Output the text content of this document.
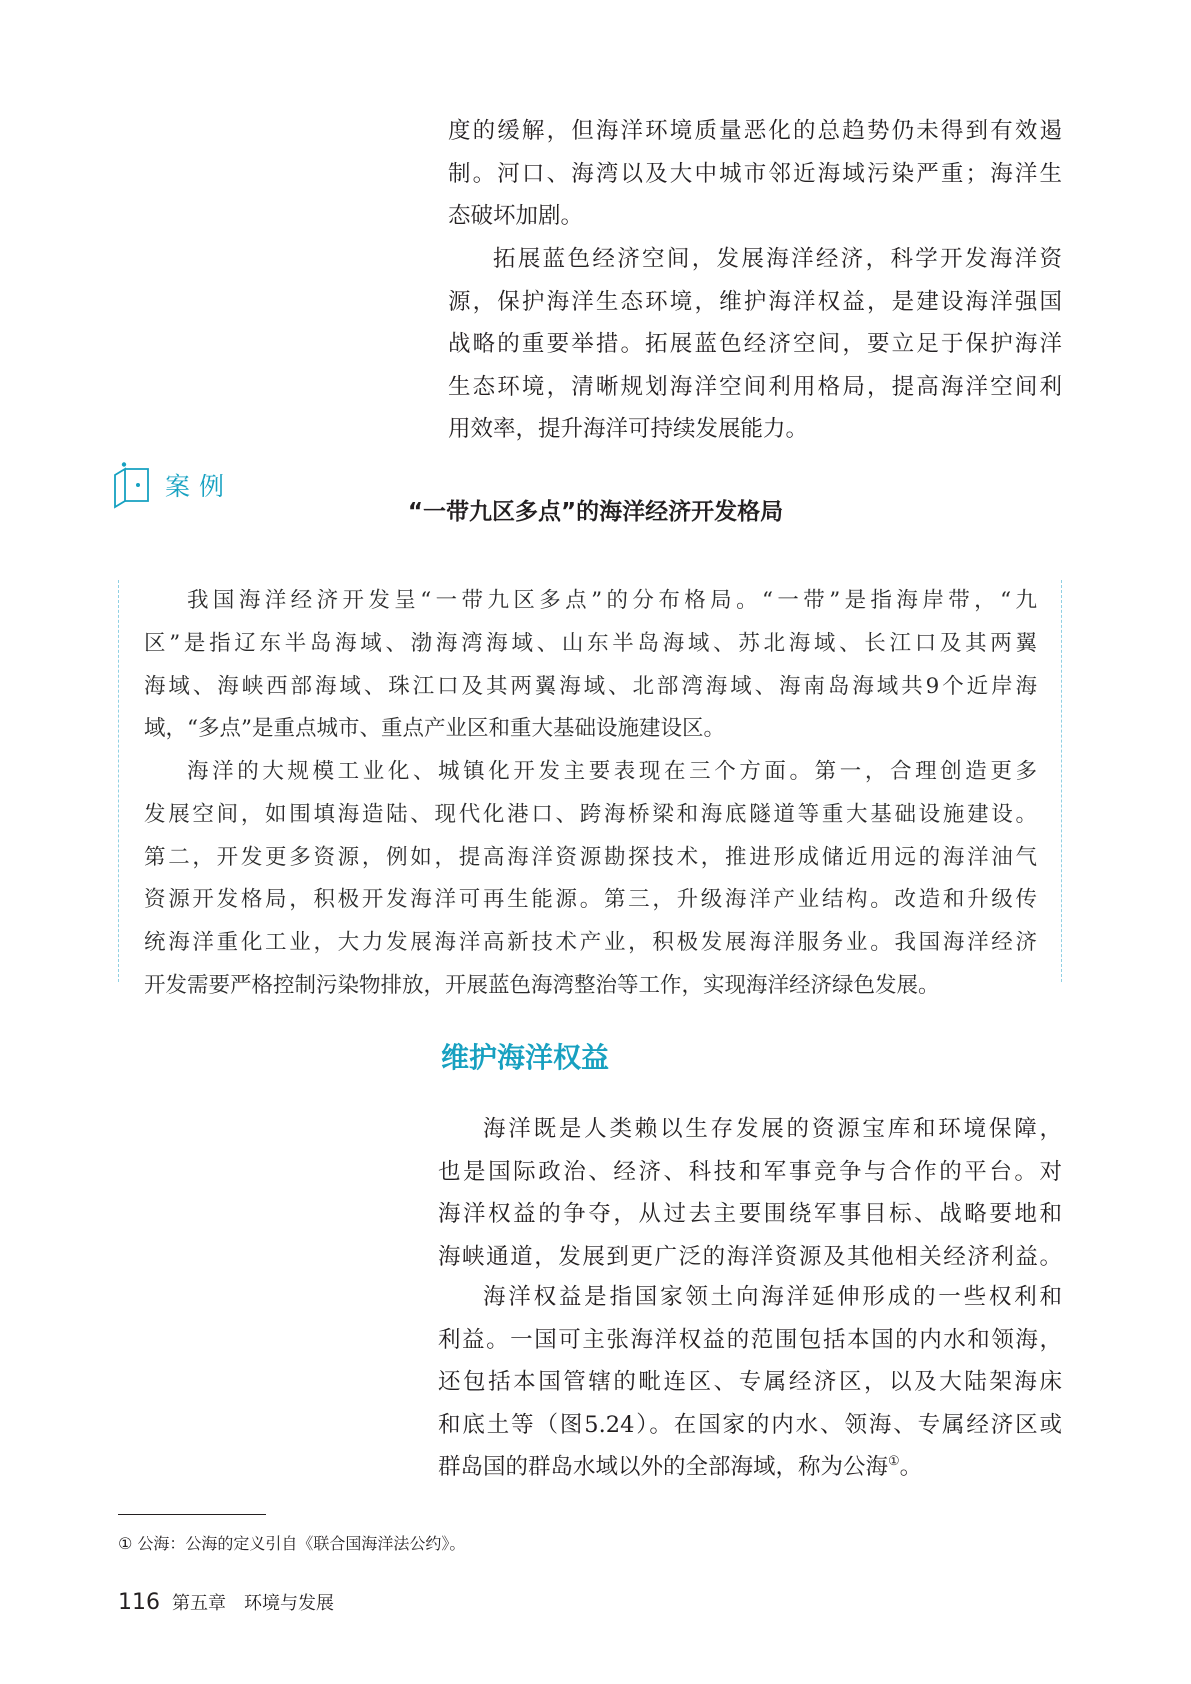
度的缓解，但海洋环境质量恶化的总趋势仍未得到有效遏
制。河口、海湾以及大中城市邻近海域污染严重；海洋生
态破坏加剧。
拓展蓝色经济空间，发展海洋经济，科学开发海洋资
源，保护海洋生态环境，维护海洋权益，是建设海洋强国
战略的重要举措。拓展蓝色经济空间，要立足于保护海洋
生态环境，清晰规划海洋空间利用格局，提高海洋空间利
用效率，提升海洋可持续发展能力。
案例
“一带九区多点”的海洋经济开发格局
我国海洋经济开发呈“一带九区多点”的分布格局。“一带”是指海岸带，“九
区”是指辽东半岛海域、渤海湾海域、山东半岛海域、苏北海域、长江口及其两翼
海域、海峡西部海域、珠江口及其两翼海域、北部湾海域、海南岛海域共9个近岸海
域，“多点”是重点城市、重点产业区和重大基础设施建设区。
海洋的大规模工业化、城镇化开发主要表现在三个方面。第一，合理创造更多
发展空间，如围填海造陆、现代化港口、跨海桥梁和海底隧道等重大基础设施建设。
第二，开发更多资源，例如，提高海洋资源勘探技术，推进形成储近用远的海洋油气
资源开发格局，积极开发海洋可再生能源。第三，升级海洋产业结构。改造和升级传
统海洋重化工业，大力发展海洋高新技术产业，积极发展海洋服务业。我国海洋经济
开发需要严格控制污染物排放，开展蓝色海湾整治等工作，实现海洋经济绿色发展。
维护海洋权益
海洋既是人类赖以生存发展的资源宝库和环境保障，
也是国际政治、经济、科技和军事竞争与合作的平台。对
海洋权益的争夺，从过去主要围绕军事目标、战略要地和
海峡通道，发展到更广泛的海洋资源及其他相关经济利益。
海洋权益是指国家领土向海洋延伸形成的一些权利和
利益。一国可主张海洋权益的范围包括本国的内水和领海，
还包括本国管辖的毗连区、专属经济区，以及大陆架海床
和底土等（图5.24）。在国家的内水、领海、专属经济区或
群岛国的群岛水域以外的全部海域，称为公海①。
① 公海：公海的定义引自《联合国海洋法公约》。
116 第五章　环境与发展
